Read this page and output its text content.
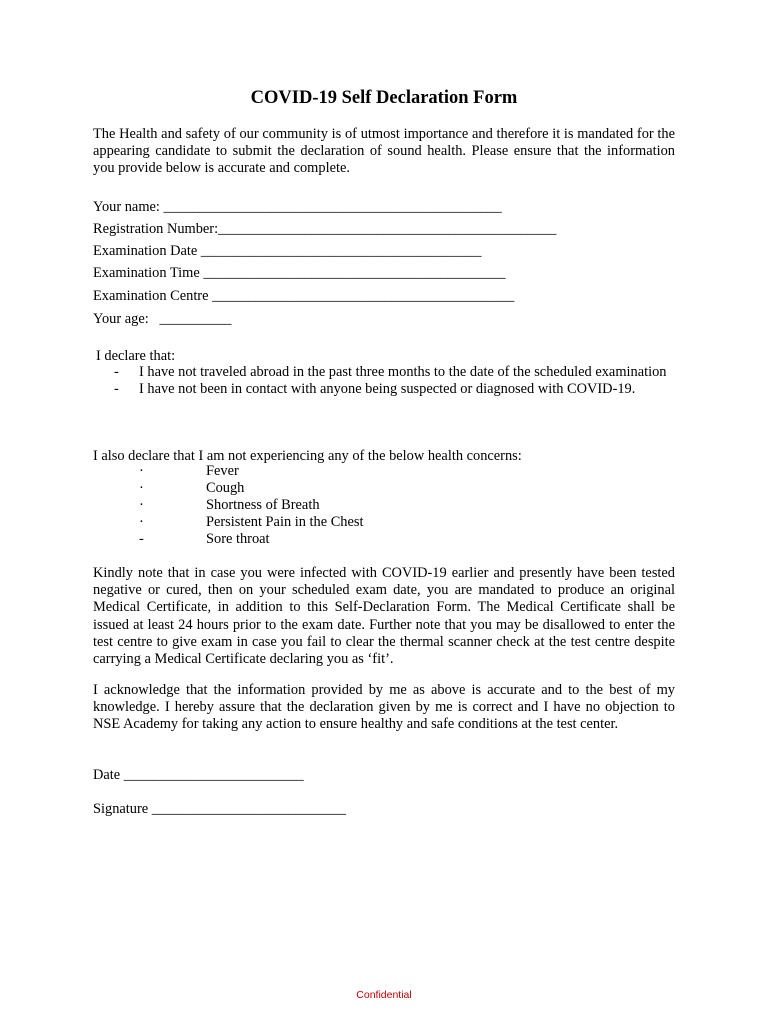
COVID-19 Self Declaration Form
The Health and safety of our community is of utmost importance and therefore it is mandated for the appearing candidate to submit the declaration of sound health. Please ensure that the information you provide below is accurate and complete.
Your name: _______________________________________________
Registration Number:_______________________________________________
Examination Date _______________________________________
Examination Time __________________________________________
Examination Centre __________________________________________
Your age:   __________
I declare that:
- I have not traveled abroad in the past three months to the date of the scheduled examination
- I have not been in contact with anyone being suspected or diagnosed with COVID-19.
I also declare that I am not experiencing any of the below health concerns:
·	Fever
·	Cough
·	Shortness of Breath
·	Persistent Pain in the Chest
-	Sore throat
Kindly note that in case you were infected with COVID-19 earlier and presently have been tested negative or cured, then on your scheduled exam date, you are mandated to produce an original Medical Certificate, in addition to this Self-Declaration Form. The Medical Certificate shall be issued at least 24 hours prior to the exam date. Further note that you may be disallowed to enter the test centre to give exam in case you fail to clear the thermal scanner check at the test centre despite carrying a Medical Certificate declaring you as ‘fit’.
I acknowledge that the information provided by me as above is accurate and to the best of my knowledge. I hereby assure that the declaration given by me is correct and I have no objection to NSE Academy for taking any action to ensure healthy and safe conditions at the test center.
Date _________________________
Signature ___________________________
Confidential
